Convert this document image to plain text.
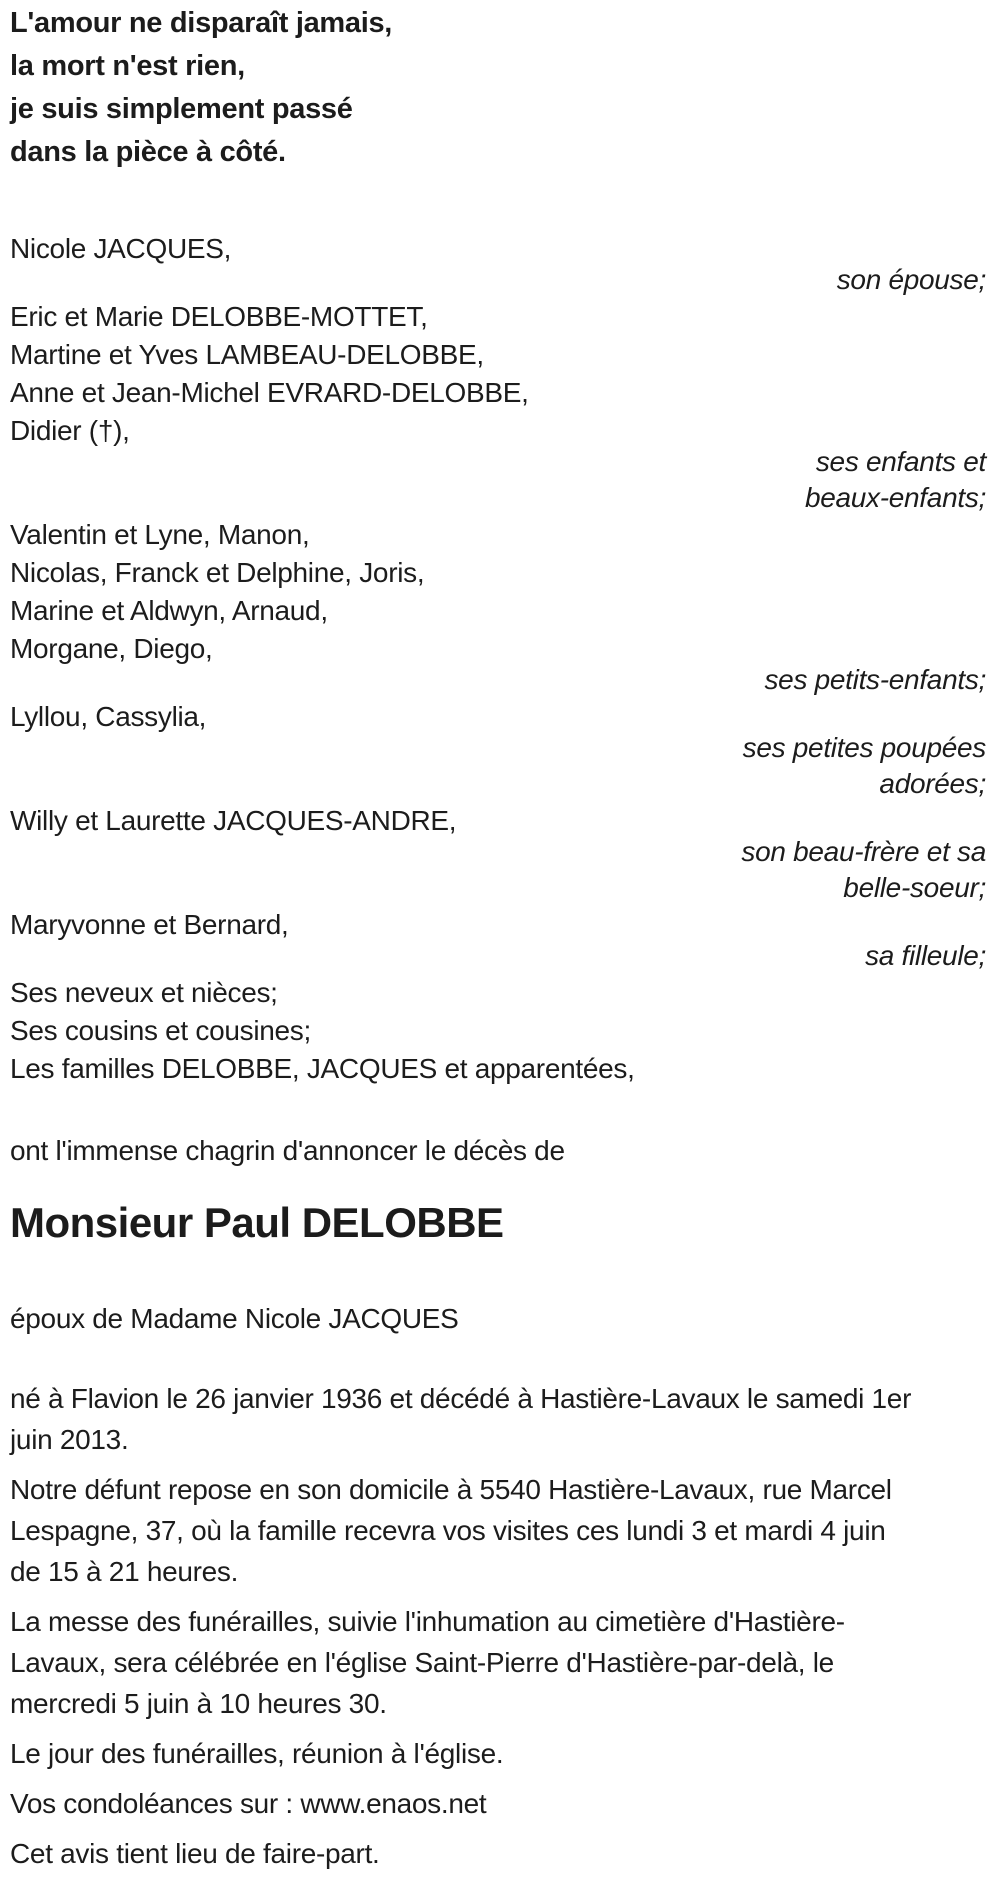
L'amour ne disparaît jamais,
la mort n'est rien,
je suis simplement passé
dans la pièce à côté.
Nicole JACQUES,
son épouse;
Eric et Marie DELOBBE-MOTTET,
Martine et Yves LAMBEAU-DELOBBE,
Anne et Jean-Michel EVRARD-DELOBBE,
Didier (†),
ses enfants et
beaux-enfants;
Valentin et Lyne, Manon,
Nicolas, Franck et Delphine, Joris,
Marine et Aldwyn, Arnaud,
Morgane, Diego,
ses petits-enfants;
Lyllou, Cassylia,
ses petites poupées
adorées;
Willy et Laurette JACQUES-ANDRE,
son beau-frère et sa
belle-soeur;
Maryvonne et Bernard,
sa filleule;
Ses neveux et nièces;
Ses cousins et cousines;
Les familles DELOBBE, JACQUES et apparentées,
ont l'immense chagrin d'annoncer le décès de
Monsieur Paul DELOBBE
époux de Madame Nicole JACQUES
né à Flavion le 26 janvier 1936 et décédé à Hastière-Lavaux le samedi 1er
juin 2013.
Notre défunt repose en son domicile à 5540 Hastière-Lavaux, rue Marcel
Lespagne, 37, où la famille recevra vos visites ces lundi 3 et mardi 4 juin
de 15 à 21 heures.
La messe des funérailles, suivie l'inhumation au cimetière d'Hastière-
Lavaux, sera célébrée en l'église Saint-Pierre d'Hastière-par-delà, le
mercredi 5 juin à 10 heures 30.
Le jour des funérailles, réunion à l'église.
Vos condoléances sur : www.enaos.net
Cet avis tient lieu de faire-part.
